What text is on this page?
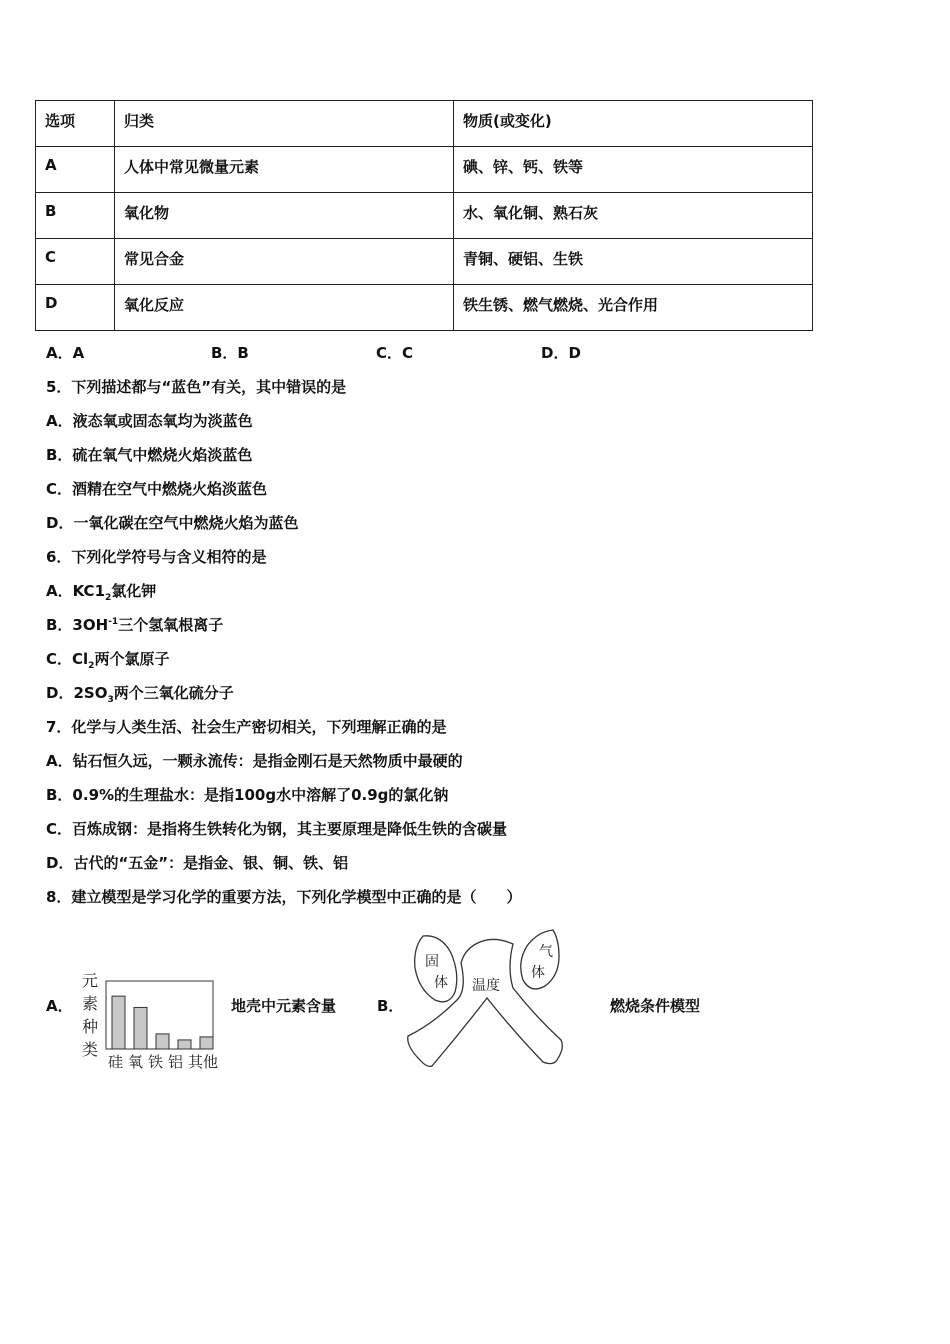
选项	归类	物质(或变化)
A	人体中常见微量元素	碘、锌、钙、铁等
B	氧化物	水、氧化铜、熟石灰
C	常见合金	青铜、硬铝、生铁
D	氧化反应	铁生锈、燃气燃烧、光合作用
A．A	B．B	C．C	D．D
5．下列描述都与“蓝色”有关，其中错误的是
A．液态氧或固态氧均为淡蓝色
B．硫在氧气中燃烧火焰淡蓝色
C．酒精在空气中燃烧火焰淡蓝色
D．一氧化碳在空气中燃烧火焰为蓝色
6．下列化学符号与含义相符的是
A．$KC1_2$氯化钾
B．$3OH^{-1}$三个氢氧根离子
C．$Cl_2$两个氯原子
D．$2SO_3$两个三氧化硫分子
7．化学与人类生活、社会生产密切相关，下列理解正确的是
A．钻石恒久远，一颗永流传：是指金刚石是天然物质中最硬的
B．0.9%的生理盐水：是指100g水中溶解了0.9g的氯化钠
C．百炼成钢：是指将生铁转化为钢，其主要原理是降低生铁的含碳量
D．古代的“五金”：是指金、银、铜、铁、铝
8．建立模型是学习化学的重要方法，下列化学模型中正确的是（　　）
A．
元
素
种
类
硅 氧 铁 铝 其他
地壳中元素含量	B．
固
体 温度
气
体
燃烧条件模型
